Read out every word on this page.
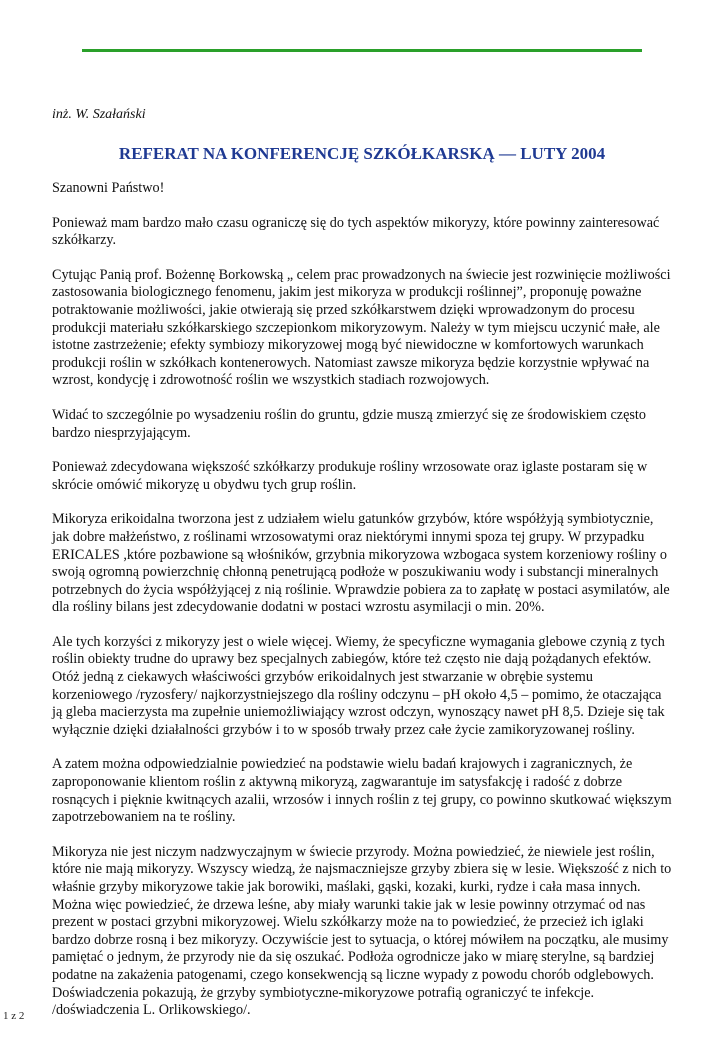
inż. W. Szałański
REFERAT NA KONFERENCJĘ SZKÓŁKARSKĄ — LUTY 2004

Szanowni Państwo!

Ponieważ mam bardzo mało czasu ograniczę się do tych aspektów mikoryzy, które powinny zainteresować szkółkarzy.

Cytując Panią prof. Bożennę Borkowską „ celem prac prowadzonych na świecie jest rozwinięcie możliwości zastosowania biologicznego fenomenu, jakim jest mikoryza w produkcji roślinnej”, proponuję poważne potraktowanie możliwości, jakie otwierają się przed szkółkarstwem dzięki wprowadzonym do procesu produkcji materiału szkółkarskiego szczepionkom mikoryzowym. Należy w tym miejscu uczynić małe, ale istotne zastrzeżenie; efekty symbiozy mikoryzowej mogą być niewidoczne w komfortowych warunkach produkcji roślin w szkółkach kontenerowych. Natomiast zawsze mikoryza będzie korzystnie wpływać na wzrost, kondycję i zdrowotność roślin we wszystkich stadiach rozwojowych.

Widać to szczególnie po wysadzeniu roślin do gruntu, gdzie muszą zmierzyć się ze środowiskiem często bardzo niesprzyjającym.

Ponieważ zdecydowana większość szkółkarzy produkuje rośliny wrzosowate oraz iglaste postaram się w skrócie omówić mikoryzę u obydwu tych grup roślin.

Mikoryza erikoidalna tworzona jest z udziałem wielu gatunków grzybów, które współżyją symbiotycznie, jak dobre małżeństwo, z roślinami wrzosowatymi oraz niektórymi innymi spoza tej grupy. W przypadku ERICALES ,które pozbawione są włośników, grzybnia mikoryzowa wzbogaca system korzeniowy rośliny o swoją ogromną powierzchnię chłonną penetrującą podłoże w poszukiwaniu wody i substancji mineralnych potrzebnych do życia współżyjącej z nią roślinie. Wprawdzie pobiera za to zapłatę w postaci asymilatów, ale dla rośliny bilans jest zdecydowanie dodatni w postaci wzrostu asymilacji o min. 20%.

Ale tych korzyści z mikoryzy jest o wiele więcej. Wiemy, że specyficzne wymagania glebowe czynią z tych roślin obiekty trudne do uprawy bez specjalnych zabiegów, które też często nie dają pożądanych efektów. Otóż jedną z ciekawych właściwości grzybów erikoidalnych jest stwarzanie w obrębie systemu korzeniowego /ryzosfery/ najkorzystniejszego dla rośliny odczynu – pH około 4,5 – pomimo, że otaczająca ją gleba macierzysta ma zupełnie uniemożliwiający wzrost odczyn, wynoszący nawet pH 8,5. Dzieje się tak wyłącznie dzięki działalności grzybów i to w sposób trwały przez całe życie zamikoryzowanej rośliny.

A zatem można odpowiedzialnie powiedzieć na podstawie wielu badań krajowych i zagranicznych, że zaproponowanie klientom roślin z aktywną mikoryzą, zagwarantuje im satysfakcję i radość z dobrze rosnących i pięknie kwitnących azalii, wrzosów i innych roślin z tej grupy, co powinno skutkować większym zapotrzebowaniem na te rośliny.

Mikoryza nie jest niczym nadzwyczajnym w świecie przyrody. Można powiedzieć, że niewiele jest roślin, które nie mają mikoryzy. Wszyscy wiedzą, że najsmaczniejsze grzyby zbiera się w lesie. Większość z nich to właśnie grzyby mikoryzowe takie jak borowiki, maślaki, gąski, kozaki, kurki, rydze i cała masa innych. Można więc powiedzieć, że drzewa leśne, aby miały warunki takie jak w lesie powinny otrzymać od nas prezent w postaci grzybni mikoryzowej. Wielu szkółkarzy może na to powiedzieć, że przecież ich iglaki bardzo dobrze rosną i bez mikoryzy. Oczywiście jest to sytuacja, o której mówiłem na początku, ale musimy pamiętać o jednym, że przyrody nie da się oszukać. Podłoża ogrodnicze jako w miarę sterylne, są bardziej podatne na zakażenia patogenami, czego konsekwencją są liczne wypady z powodu chorób odglebowych. Doświadczenia pokazują, że grzyby symbiotyczne-mikoryzowe potrafią ograniczyć te infekcje. /doświadczenia L. Orlikowskiego/.

1 z 2
